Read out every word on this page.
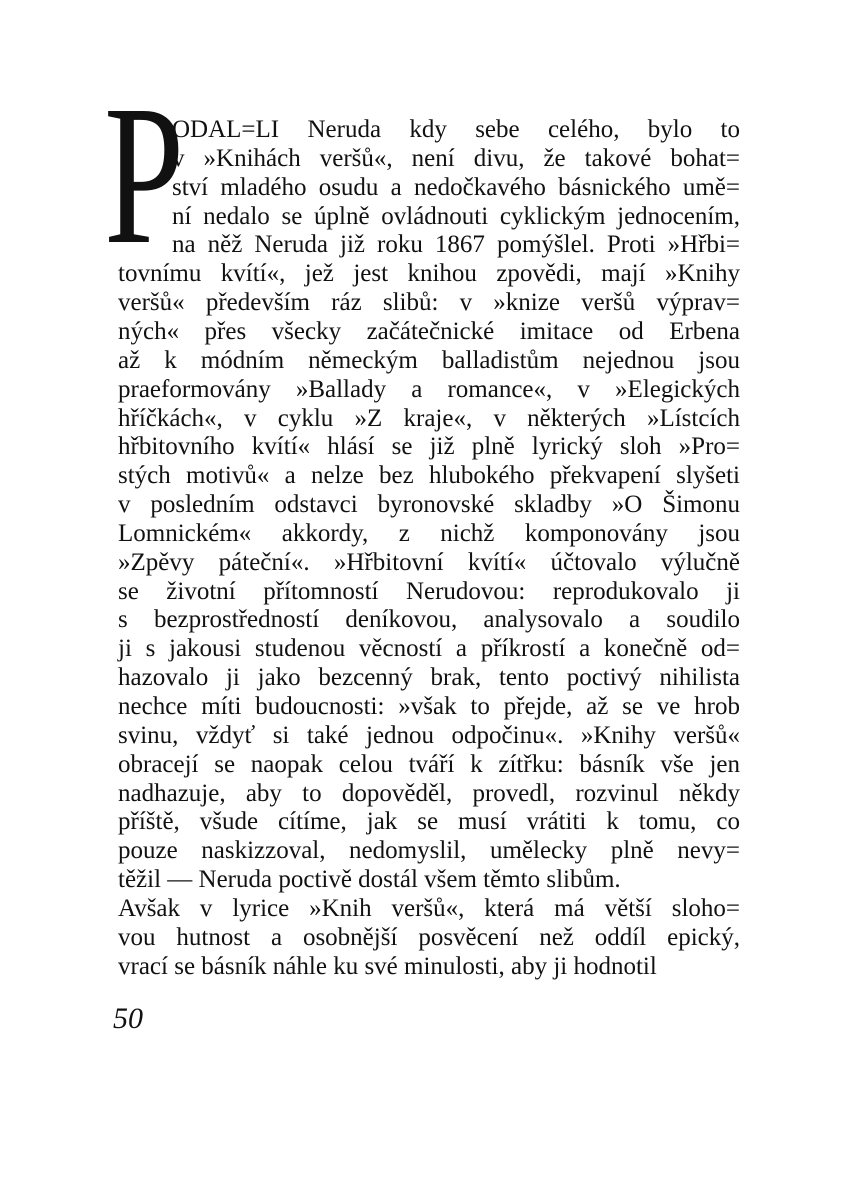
P
ODAL=LI Neruda kdy sebe celého, bylo to
v »Knihách veršů«, není divu, že takové bohat=
ství mladého osudu a nedočkavého básnického umě=
ní nedalo se úplně ovládnouti cyklickým jednocením,
na něž Neruda již roku 1867 pomýšlel. Proti »Hřbi=
tovnímu kvítí«, jež jest knihou zpovědi, mají »Knihy
veršů« především ráz slibů: v »knize veršů výprav=
ných« přes všecky začátečnické imitace od Erbena
až k módním německým balladistům nejednou jsou
praeformovány »Ballady a romance«, v »Elegických
hříčkách«, v cyklu »Z kraje«, v některých »Lístcích
hřbitovního kvítí« hlásí se již plně lyrický sloh »Pro=
stých motivů« a nelze bez hlubokého překvapení slyšeti
v posledním odstavci byronovské skladby »O Šimonu
Lomnickém« akkordy, z nichž komponovány jsou
»Zpěvy páteční«. »Hřbitovní kvítí« účtovalo výlučně
se životní přítomností Nerudovou: reprodukovalo ji
s bezprostředností deníkovou, analysovalo a soudilo
ji s jakousi studenou věcností a příkrostí a konečně od=
hazovalo ji jako bezcenný brak, tento poctivý nihilista
nechce míti budoucnosti: »však to přejde, až se ve hrob
svinu, vždyť si také jednou odpočinu«. »Knihy veršů«
obracejí se naopak celou tváří k zítřku: básník vše jen
nadhazuje, aby to dopověděl, provedl, rozvinul někdy
příště, všude cítíme, jak se musí vrátiti k tomu, co
pouze naskizzoval, nedomyslil, umělecky plně nevy=
těžil — Neruda poctivě dostál všem těmto slibům.
Avšak v lyrice »Knih veršů«, která má větší sloho=
vou hutnost a osobnější posvěcení než oddíl epický,
vrací se básník náhle ku své minulosti, aby ji hodnotil
50
